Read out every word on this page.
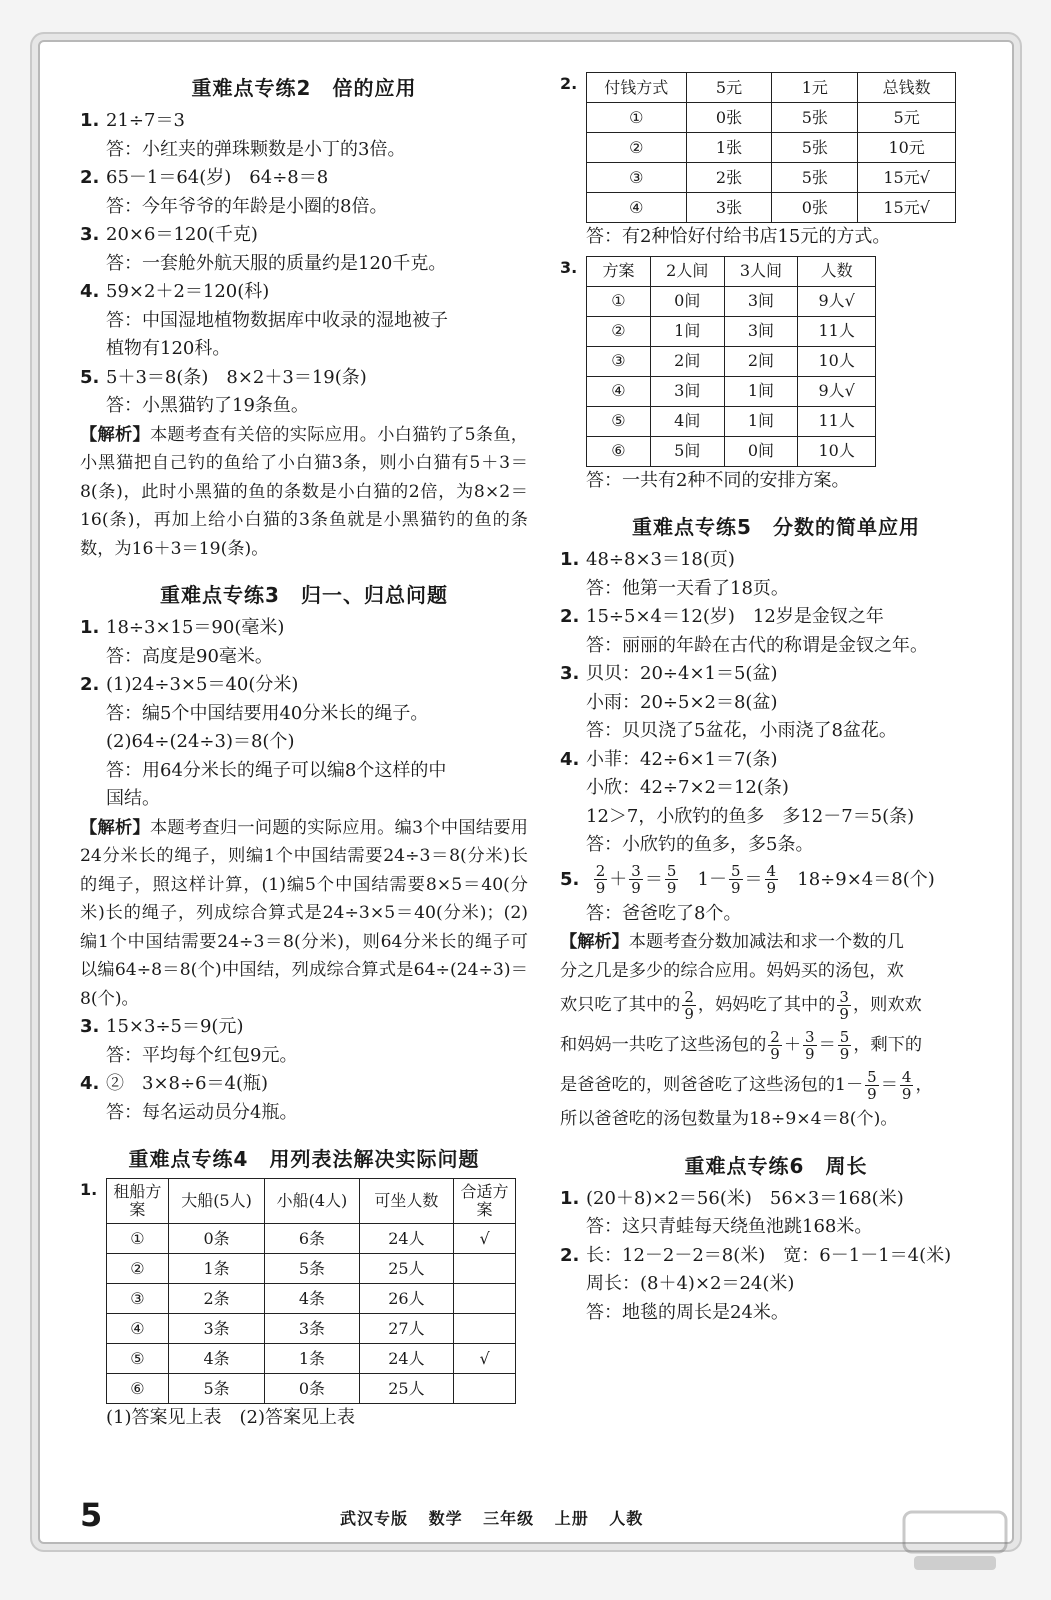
重难点专练2　倍的应用
1. 21÷7＝3
答：小红夹的弹珠颗数是小丁的3倍。
2. 65－1＝64(岁)　64÷8＝8
答：今年爷爷的年龄是小圈的8倍。
3. 20×6＝120(千克)
答：一套舱外航天服的质量约是120千克。
4. 59×2＋2＝120(科)
答：中国湿地植物数据库中收录的湿地被子
植物有120科。
5. 5＋3＝8(条)　8×2＋3＝19(条)
答：小黑猫钓了19条鱼。
【解析】本题考查有关倍的实际应用。小白猫钓了5条鱼，小黑猫把自己钓的鱼给了小白猫3条，则小白猫有5＋3＝8(条)，此时小黑猫的鱼的条数是小白猫的2倍，为8×2＝16(条)，再加上给小白猫的3条鱼就是小黑猫钓的鱼的条数，为16＋3＝19(条)。
重难点专练3　归一、归总问题
1. 18÷3×15＝90(毫米)
答：高度是90毫米。
2. (1)24÷3×5＝40(分米)
答：编5个中国结要用40分米长的绳子。
(2)64÷(24÷3)＝8(个)
答：用64分米长的绳子可以编8个这样的中
国结。
【解析】本题考查归一问题的实际应用。编3个中国结要用24分米长的绳子，则编1个中国结需要24÷3＝8(分米)长的绳子，照这样计算，(1)编5个中国结需要8×5＝40(分米)长的绳子，列成综合算式是24÷3×5＝40(分米)；(2)编1个中国结需要24÷3＝8(分米)，则64分米长的绳子可以编64÷8＝8(个)中国结，列成综合算式是64÷(24÷3)＝8(个)。
3. 15×3÷5＝9(元)
答：平均每个红包9元。
4. ②　3×8÷6＝4(瓶)
答：每名运动员分4瓶。
重难点专练4　用列表法解决实际问题
1.	租船方案	大船(5人)	小船(4人)	可坐人数	合适方案
①	0条	6条	24人	√
②	1条	5条	25人	
③	2条	4条	26人	
④	3条	3条	27人	
⑤	4条	1条	24人	√
⑥	5条	0条	25人	
(1)答案见上表　(2)答案见上表
2.	付钱方式	5元	1元	总钱数
①	0张	5张	5元
②	1张	5张	10元
③	2张	5张	15元√
④	3张	0张	15元√
答：有2种恰好付给书店15元的方式。
3.	方案	2人间	3人间	人数
①	0间	3间	9人√
②	1间	3间	11人
③	2间	2间	10人
④	3间	1间	9人√
⑤	4间	1间	11人
⑥	5间	0间	10人
答：一共有2种不同的安排方案。
重难点专练5　分数的简单应用
1. 48÷8×3＝18(页)
答：他第一天看了18页。
2. 15÷5×4＝12(岁)　12岁是金钗之年
答：丽丽的年龄在古代的称谓是金钗之年。
3. 贝贝：20÷4×1＝5(盆)
小雨：20÷5×2＝8(盆)
答：贝贝浇了5盆花，小雨浇了8盆花。
4. 小菲：42÷6×1＝7(条)
小欣：42÷7×2＝12(条)
12＞7，小欣钓的鱼多　多12－7＝5(条)
答：小欣钓的鱼多，多5条。
5. $\frac{2}{9} + \frac{3}{9} = \frac{5}{9} 1- \frac{5}{9} = \frac{4}{9} 18\div 9\times 4=8$(个)
答：爸爸吃了8个。
【解析】本题考查分数加减法和求一个数的几
分之几是多少的综合应用。妈妈买的汤包，欢
欢只吃了其中的 $\frac{2}{9}$ ，妈妈吃了其中的 $\frac{3}{9}$ ，则欢欢
和妈妈一共吃了这些汤包的 $\frac{2}{9} + \frac{3}{9} = \frac{5}{9}$ ，剩下的
是爸爸吃的，则爸爸吃了这些汤包的$1- \frac{5}{9} = \frac{4}{9}$ ，
所以爸爸吃的汤包数量为18÷9×4＝8(个)。
重难点专练6　周长
1. (20＋8)×2＝56(米)　56×3＝168(米)
答：这只青蛙每天绕鱼池跳168米。
2. 长：12－2－2＝8(米)　宽：6－1－1＝4(米)
周长：(8＋4)×2＝24(米)
答：地毯的周长是24米。
5	武汉专版 数学 三年级 上册 人教
